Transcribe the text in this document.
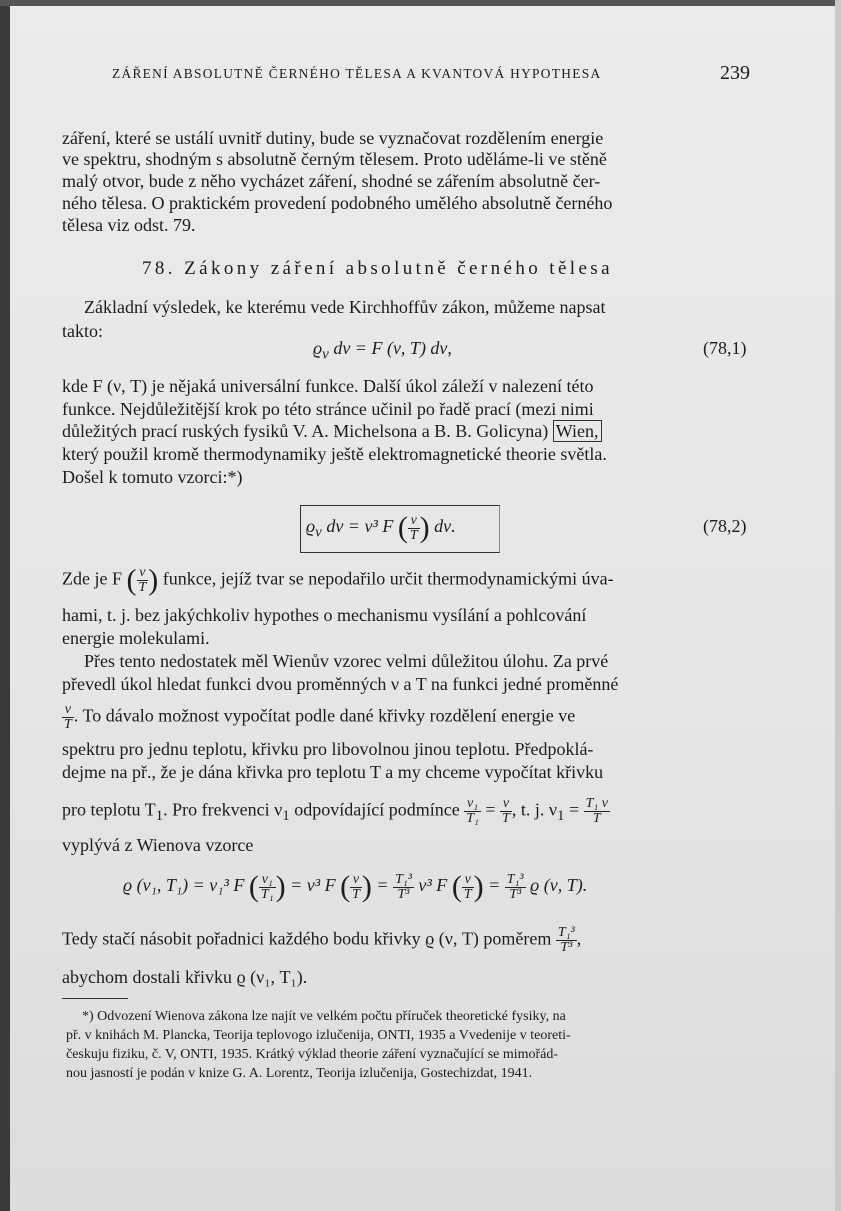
ZÁŘENÍ ABSOLUTNĚ ČERNÉHO TĚLESA A KVANTOVÁ HYPOTHESA	239
záření, které se ustálí uvnitř dutiny, bude se vyznačovat rozdělením energie
ve spektru, shodným s absolutně černým tělesem. Proto uděláme-li ve stěně
malý otvor, bude z něho vycházet záření, shodné se zářením absolutně čer-
ného tělesa. O praktickém provedení podobného umělého absolutně černého
tělesa viz odst. 79.
78. Zákony záření absolutně černého tělesa
Základní výsledek, ke kterému vede Kirchhoffův zákon, můžeme napsat
takto:
$ϱ_\nu$ dν = F (ν, T) dν,	(78,1)
kde F (ν, T) je nějaká universální funkce. Další úkol záleží v nalezení této
funkce. Nejdůležitější krok po této stránce učinil po řadě prací (mezi nimi
důležitých prací ruských fysiků V. A. Michelsona a B. B. Golicyna) Wien,
který použil kromě thermodynamiky ještě elektromagnetické theorie světla.
Došel k tomuto vzorci:*)
$ϱ_\nu$ dν = ν³ F ( $\frac{\nu}{T}$ ) dν.	(78,2)
Zde je F ( $\frac{\nu}{T}$ ) funkce, jejíž tvar se nepodařilo určit thermodynamickými úva-
hami, t. j. bez jakýchkoliv hypothes o mechanismu vysílání a pohlcování
energie molekulami.
Přes tento nedostatek měl Wienův vzorec velmi důležitou úlohu. Za prvé
převedl úkol hledat funkci dvou proměnných ν a T na funkci jedné proměnné
$\frac{\nu}{T}$ . To dávalo možnost vypočítat podle dané křivky rozdělení energie ve
spektru pro jednu teplotu, křivku pro libovolnou jinou teplotu. Předpoklá-
dejme na př., že je dána křivka pro teplotu T a my chceme vypočítat křivku
pro teplotu $T_1$. Pro frekvenci $\nu_1$ odpovídající podmínce $\frac{\text{ν₁}}{\text{T₁}} = \frac{\nu}{T}$ , t. j. $\nu_1 = \frac{\text{T₁ ν}}{T}$
vyplývá z Wienova vzorce
ϱ (ν₁, T₁) = ν₁³ F ( $\frac{\text{ν₁}}{\text{T₁}}$ ) = ν³ F ( $\frac{\nu}{T}$ ) = $\frac{\text{T₁³}}{\text{T³}} \nu^3$ F ( $\frac{\nu}{T}$ ) = $\frac{\text{T₁³}}{\text{T³}}$ ϱ (ν, T).
Tedy stačí násobit pořadnici každého bodu křivky ϱ (ν, T) poměrem $\frac{\text{T₁³}}{\text{T³}}$ ,
abychom dostali křivku ϱ (ν₁, T₁).
*) Odvození Wienova zákona lze najít ve velkém počtu příruček theoretické fysiky, na
př. v knihách M. Plancka, Teorija teplovogo izlučenija, ONTI, 1935 a Vvedenije v teoreti-
českuju fiziku, č. V, ONTI, 1935. Krátký výklad theorie záření vyznačující se mimořád-
nou jasností je podán v knize G. A. Lorentz, Teorija izlučenija, Gostechizdat, 1941.
